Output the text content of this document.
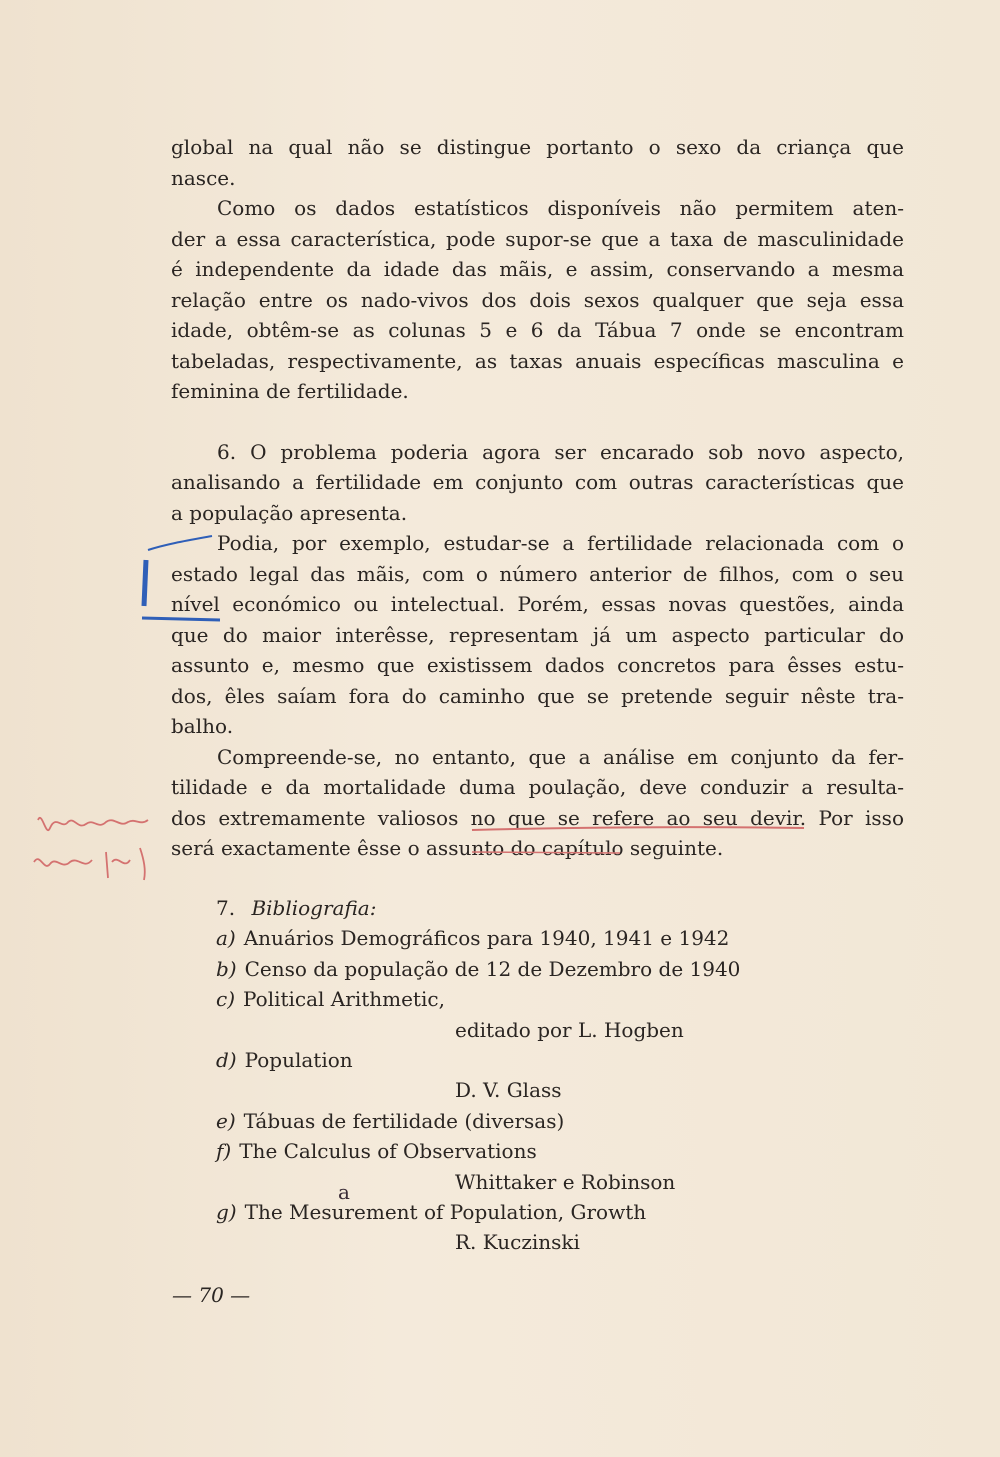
global na qual não se distingue portanto o sexo da criança que
nasce.
Como os dados estatísticos disponíveis não permitem aten-
der a essa característica, pode supor-se que a taxa de masculinidade
é independente da idade das mãis, e assim, conservando a mesma
relação entre os nado-vivos dos dois sexos qualquer que seja essa
idade, obtêm-se as colunas 5 e 6 da Tábua 7 onde se encontram
tabeladas, respectivamente, as taxas anuais específicas masculina e
feminina de fertilidade.
6. O problema poderia agora ser encarado sob novo aspecto,
analisando a fertilidade em conjunto com outras características que
a população apresenta.
Podia, por exemplo, estudar-se a fertilidade relacionada com o
estado legal das mãis, com o número anterior de filhos, com o seu
nível económico ou intelectual. Porém, essas novas questões, ainda
que do maior interêsse, representam já um aspecto particular do
assunto e, mesmo que existissem dados concretos para êsses estu-
dos, êles saíam fora do caminho que se pretende seguir nêste tra-
balho.
Compreende-se, no entanto, que a análise em conjunto da fer-
tilidade e da mortalidade duma poulação, deve conduzir a resulta-
dos extremamente valiosos no que se refere ao seu devir. Por isso
será exactamente êsse o assunto do capítulo seguinte.
a
7. Bibliografia:
a) Anuários Demográficos para 1940, 1941 e 1942
b) Censo da população de 12 de Dezembro de 1940
c) Political Arithmetic,
editado por L. Hogben
d) Population
D. V. Glass
e) Tábuas de fertilidade (diversas)
f) The Calculus of Observations
Whittaker e Robinson
g) The Mesurement of Population, Growth
R. Kuczinski
— 70 —
